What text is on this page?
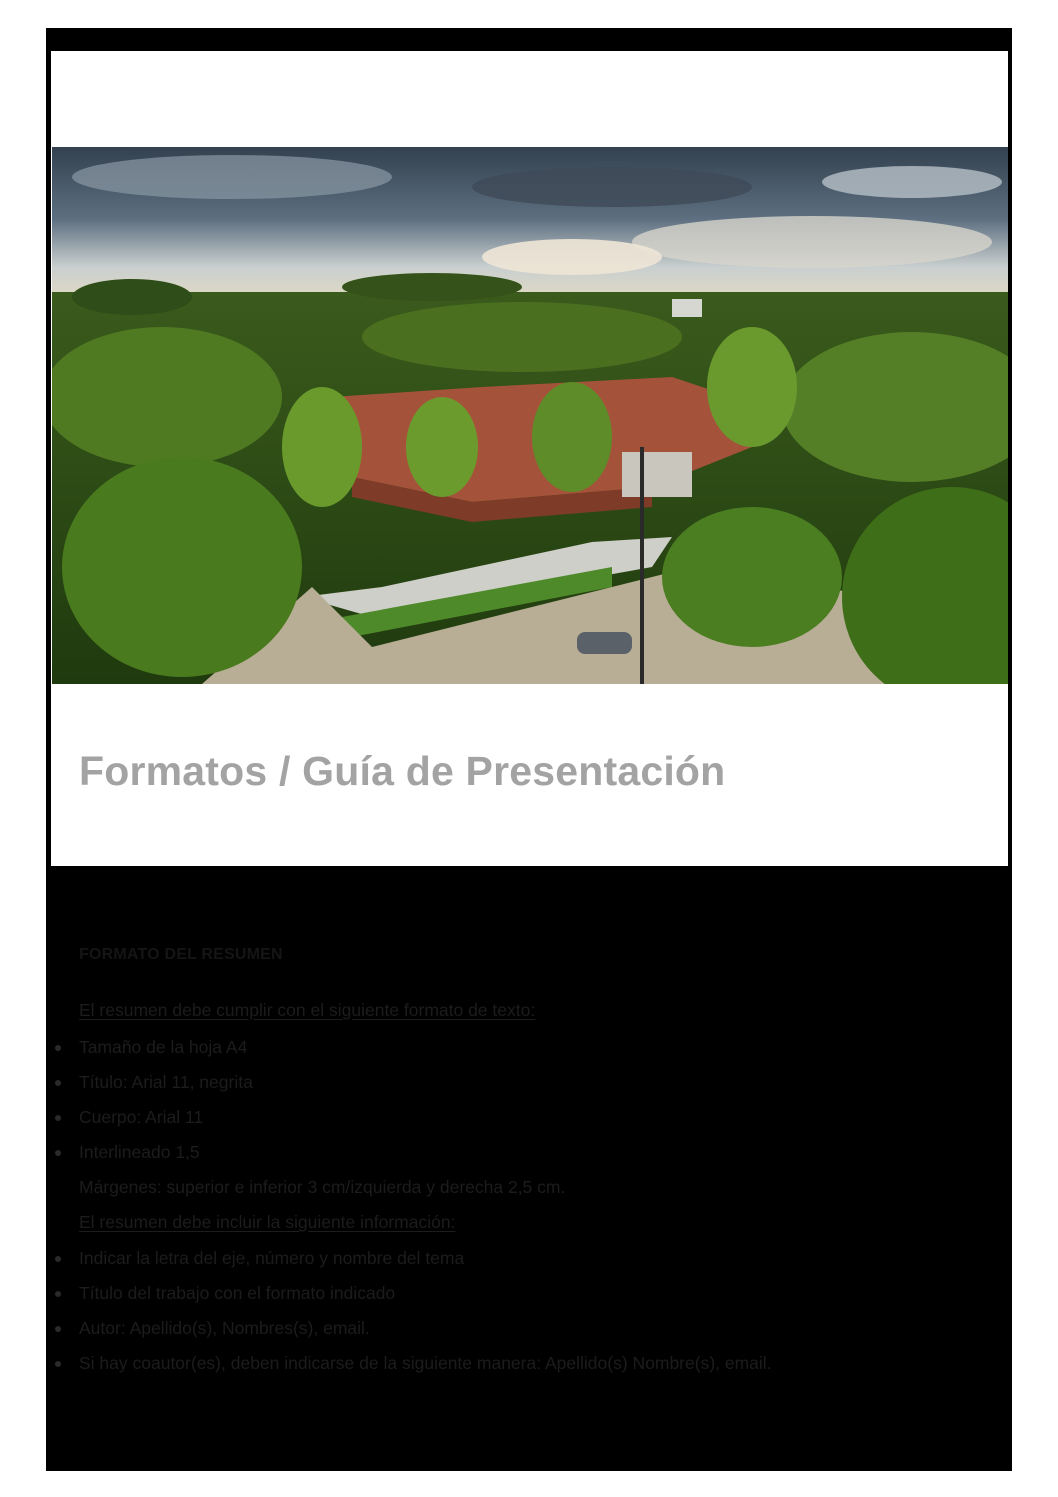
Formatos / Guía de Presentación
FORMATO DEL RESUMEN

El resumen debe cumplir con el siguiente formato de texto:

Tamaño de la hoja A4

Título: Arial 11, negrita

Cuerpo: Arial 11

Interlineado 1,5

Márgenes: superior e inferior 3 cm/izquierda y derecha 2,5 cm.

El resumen debe incluir la siguiente información:

Indicar la letra del eje, número y nombre del tema

Título del trabajo con el formato indicado

Autor: Apellido(s), Nombres(s), email.

Si hay coautor(es), deben indicarse de la siguiente manera: Apellido(s) Nombre(s), email.
